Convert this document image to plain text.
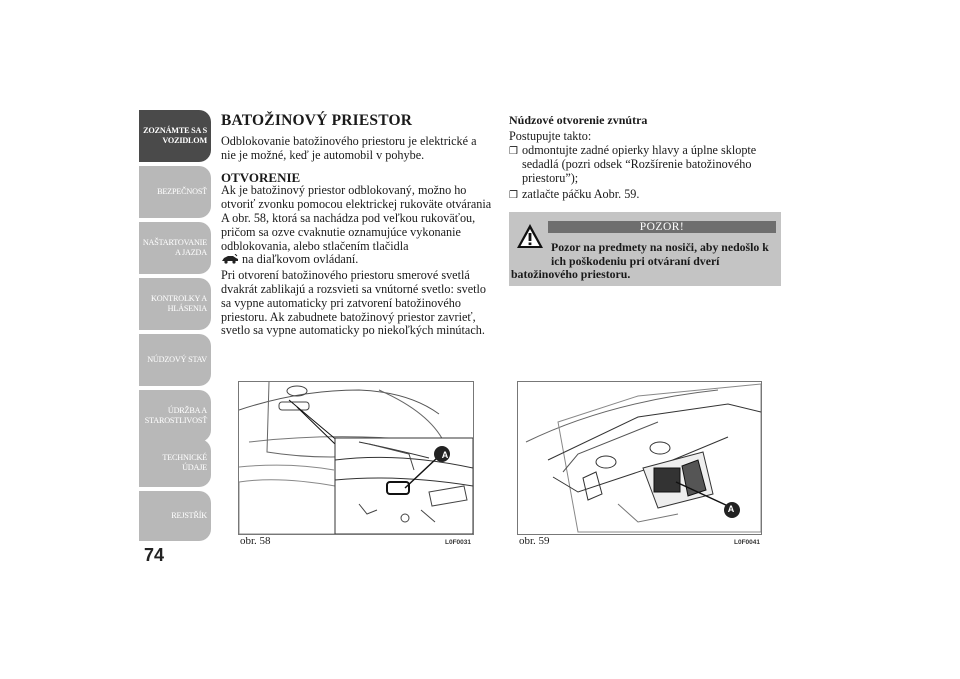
ZOZNÁMTE SA S
VOZIDLOM
BEZPEČNOSŤ
NAŠTARTOVANIE
A JAZDA
KONTROLKY A
HLÁSENIA
NÚDZOVÝ STAV
ÚDRŽBA A
STAROSTLIVOSŤ
TECHNICKÉ
ÚDAJE
REJSTŘÍK
74
BATOŽINOVÝ PRIESTOR

Odblokovanie batožinového priestoru je elektrické a nie je možné, keď je automobil v pohybe.

OTVORENIE

Ak je batožinový priestor odblokovaný, možno ho otvoriť zvonku pomocou elektrickej rukoväte otvárania A obr. 58, ktorá sa nachádza pod veľkou rukoväťou, pričom sa ozve cvaknutie oznamujúce vykonanie odblokovania, alebo stlačením tlačidla
na diaľkovom ovládaní.

Pri otvorení batožinového priestoru smerové svetlá dvakrát zablikajú a rozsvieti sa vnútorné svetlo: svetlo sa vypne automaticky pri zatvorení batožinového priestoru. Ak zabudnete batožinový priestor zavrieť, svetlo sa vypne automaticky po niekoľkých minútach.

Núdzové otvorenie zvnútra

Postupujte takto:

❒ odmontujte zadné opierky hlavy a úplne sklopte sedadlá (pozri odsek “Rozšírenie batožinového priestoru”);

❒ zatlačte páčku Aobr. 59.

POZOR!
Pozor na predmety na nosiči, aby nedošlo k ich poškodeniu pri otváraní dverí
batožinového priestoru.
A
obr. 58	L0F0031
A
obr. 59	L0F0041
